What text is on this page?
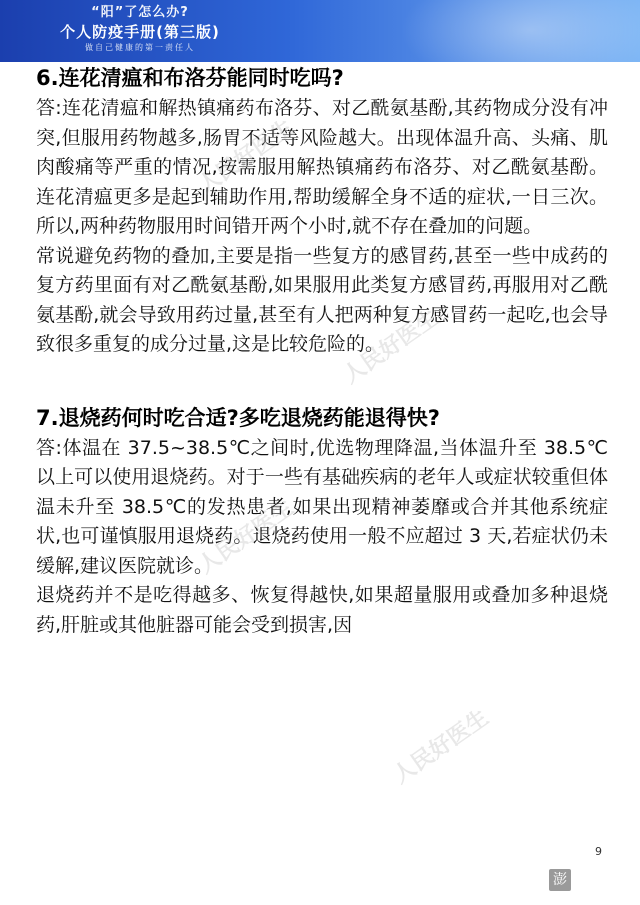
“阳”了怎么办?
个人防疫手册(第三版)
做自己健康的第一责任人
6.连花清瘟和布洛芬能同时吃吗?

答:连花清瘟和解热镇痛药布洛芬、对乙酰氨基酚,其药物成分没有冲突,但服用药物越多,肠胃不适等风险越大。出现体温升高、头痛、肌肉酸痛等严重的情况,按需服用解热镇痛药布洛芬、对乙酰氨基酚。连花清瘟更多是起到辅助作用,帮助缓解全身不适的症状,一日三次。所以,两种药物服用时间错开两个小时,就不存在叠加的问题。

常说避免药物的叠加,主要是指一些复方的感冒药,甚至一些中成药的复方药里面有对乙酰氨基酚,如果服用此类复方感冒药,再服用对乙酰氨基酚,就会导致用药过量,甚至有人把两种复方感冒药一起吃,也会导致很多重复的成分过量,这是比较危险的。

7.退烧药何时吃合适?多吃退烧药能退得快?

答:体温在 37.5~38.5℃之间时,优选物理降温,当体温升至 38.5℃以上可以使用退烧药。对于一些有基础疾病的老年人或症状较重但体温未升至 38.5℃的发热患者,如果出现精神萎靡或合并其他系统症状,也可谨慎服用退烧药。退烧药使用一般不应超过 3 天,若症状仍未缓解,建议医院就诊。

退烧药并不是吃得越多、恢复得越快,如果超量服用或叠加多种退烧药,肝脏或其他脏器可能会受到损害,因

人民好医生
人民好医生
人民好医生
人民好医生
9
澎
